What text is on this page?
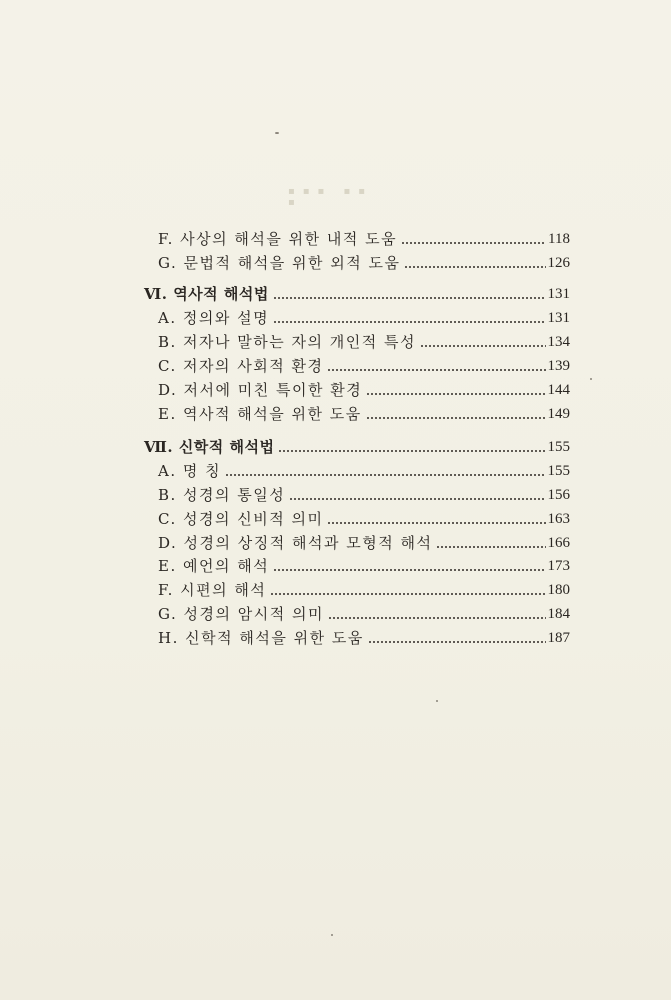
▪▪▪ ▪▪ ▪
F. 사상의 해석을 위한 내적 도움	118
G. 문법적 해석을 위한 외적 도움	126
Ⅵ. 역사적 해석법	131
A. 정의와 설명	131
B. 저자나 말하는 자의 개인적 특성	134
C. 저자의 사회적 환경	139
D. 저서에 미친 특이한 환경	144
E. 역사적 해석을 위한 도움	149
Ⅶ. 신학적 해석법	155
A. 명 칭	155
B. 성경의 통일성	156
C. 성경의 신비적 의미	163
D. 성경의 상징적 해석과 모형적 해석	166
E. 예언의 해석	173
F. 시편의 해석	180
G. 성경의 암시적 의미	184
H. 신학적 해석을 위한 도움	187
